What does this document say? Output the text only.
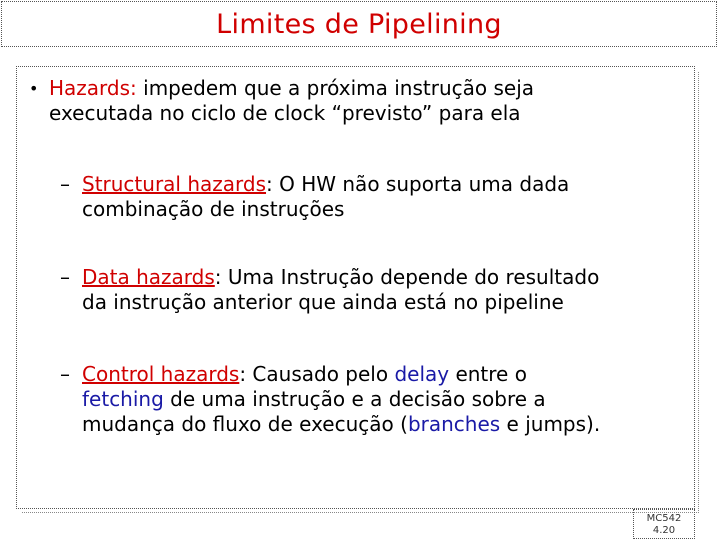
Limites de Pipelining
• Hazards: impedem que a próxima instrução seja
executada no ciclo de clock “previsto” para ela
– Structural hazards: O HW não suporta uma dada
combinação de instruções
– Data hazards: Uma Instrução depende do resultado
da instrução anterior que ainda está no pipeline
– Control hazards: Causado pelo delay entre o
fetching de uma instrução e a decisão sobre a
mudança do fluxo de execução (branches e jumps).
MC542
4.20
